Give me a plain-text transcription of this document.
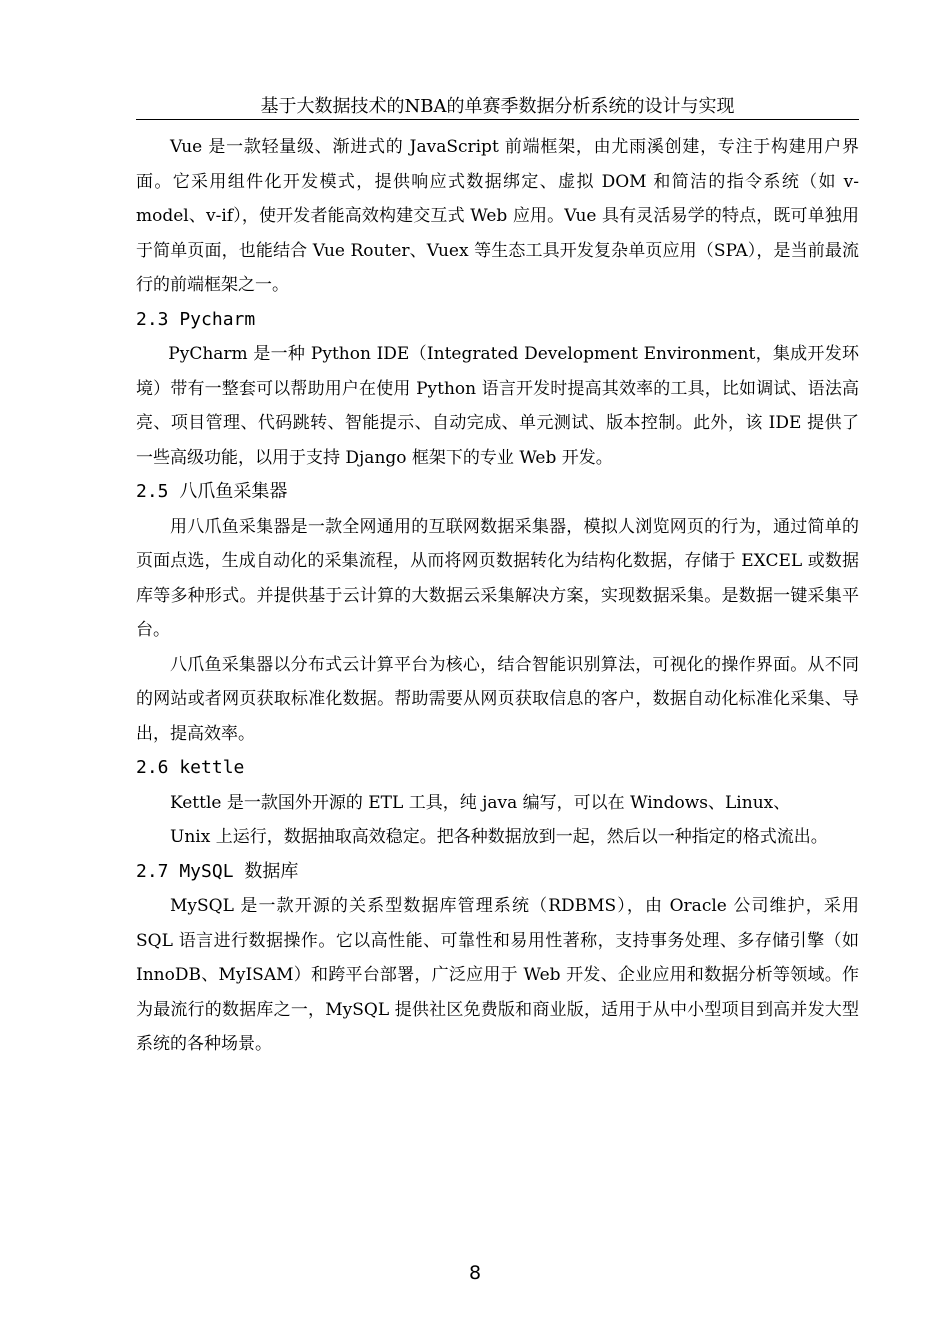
基于大数据技术的NBA的单赛季数据分析系统的设计与实现

Vue 是一款轻量级、渐进式的 JavaScript 前端框架，由尤雨溪创建，专注于构建用户界面。它采用组件化开发模式，提供响应式数据绑定、虚拟 DOM 和简洁的指令系统（如 v-model、v-if），使开发者能高效构建交互式 Web 应用。Vue 具有灵活易学的特点，既可单独用于简单页面，也能结合 Vue Router、Vuex 等生态工具开发复杂单页应用（SPA），是当前最流行的前端框架之一。

2.3 Pycharm

PyCharm 是一种 Python IDE（Integrated Development Environment，集成开发环境）带有一整套可以帮助用户在使用 Python 语言开发时提高其效率的工具，比如调试、语法高亮、项目管理、代码跳转、智能提示、自动完成、单元测试、版本控制。此外，该 IDE 提供了一些高级功能，以用于支持 Django 框架下的专业 Web 开发。

2.5 八爪鱼采集器

用八爪鱼采集器是一款全网通用的互联网数据采集器，模拟人浏览网页的行为，通过简单的页面点选，生成自动化的采集流程，从而将网页数据转化为结构化数据，存储于 EXCEL 或数据库等多种形式。并提供基于云计算的大数据云采集解决方案，实现数据采集。是数据一键采集平台。

八爪鱼采集器以分布式云计算平台为核心，结合智能识别算法，可视化的操作界面。从不同的网站或者网页获取标准化数据。帮助需要从网页获取信息的客户，数据自动化标准化采集、导出，提高效率。

2.6 kettle

Kettle 是一款国外开源的 ETL 工具，纯 java 编写，可以在 Windows、Linux、

Unix 上运行，数据抽取高效稳定。把各种数据放到一起，然后以一种指定的格式流出。

2.7 MySQL 数据库

MySQL 是一款开源的关系型数据库管理系统（RDBMS），由 Oracle 公司维护，采用 SQL 语言进行数据操作。它以高性能、可靠性和易用性著称，支持事务处理、多存储引擎（如 InnoDB、MyISAM）和跨平台部署，广泛应用于 Web 开发、企业应用和数据分析等领域。作为最流行的数据库之一，MySQL 提供社区免费版和商业版，适用于从中小型项目到高并发大型系统的各种场景。

8
